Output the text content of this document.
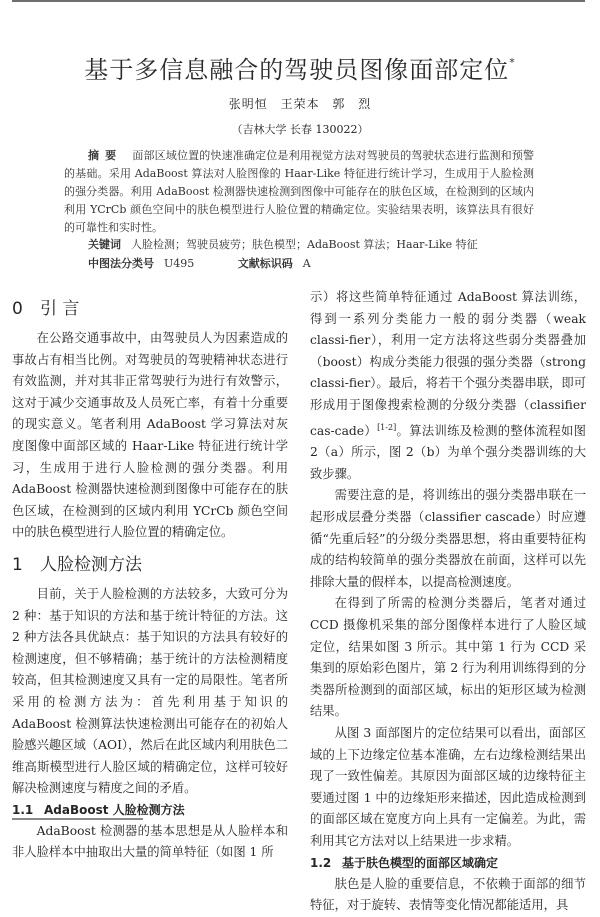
基于多信息融合的驾驶员图像面部定位*
张明恒 王荣本 郭 烈
（吉林大学 长春 130022）
摘要 面部区域位置的快速准确定位是利用视觉方法对驾驶员的驾驶状态进行监测和预警的基础。采用 AdaBoost 算法对人脸图像的 Haar-Like 特征进行统计学习，生成用于人脸检测的强分类器。利用 AdaBoost 检测器快速检测到图像中可能存在的肤色区域，在检测到的区域内利用 YCrCb 颜色空间中的肤色模型进行人脸位置的精确定位。实验结果表明，该算法具有很好的可靠性和实时性。
关键词 人脸检测；驾驶员疲劳；肤色模型；AdaBoost 算法；Haar-Like 特征
中图法分类号 U495	文献标识码 A
0 引 言

在公路交通事故中，由驾驶员人为因素造成的事故占有相当比例。对驾驶员的驾驶精神状态进行有效监测，并对其非正常驾驶行为进行有效警示，这对于减少交通事故及人员死亡率，有着十分重要的现实意义。笔者利用 AdaBoost 学习算法对灰度图像中面部区域的 Haar-Like 特征进行统计学习，生成用于进行人脸检测的强分类器。利用 AdaBoost 检测器快速检测到图像中可能存在的肤色区域，在检测到的区域内利用 YCrCb 颜色空间中的肤色模型进行人脸位置的精确定位。

1 人脸检测方法

目前，关于人脸检测的方法较多，大致可分为 2 种：基于知识的方法和基于统计特征的方法。这 2 种方法各具优缺点：基于知识的方法具有较好的检测速度，但不够精确；基于统计的方法检测精度较高，但其检测速度又具有一定的局限性。笔者所采用的检测方法为：首先利用基于知识的 AdaBoost 检测算法快速检测出可能存在的初始人脸感兴趣区域（AOI），然后在此区域内利用肤色二维高斯模型进行人脸区域的精确定位，这样可较好解决检测速度与精度之间的矛盾。

1.1 AdaBoost 人脸检测方法

AdaBoost 检测器的基本思想是从人脸样本和非人脸样本中抽取出大量的简单特征（如图 1 所

示）将这些简单特征通过 AdaBoost 算法训练，得到一系列分类能力一般的弱分类器（weak classi-fier），利用一定方法将这些弱分类器叠加（boost）构成分类能力很强的强分类器（strong classi-fier）。最后，将若干个强分类器串联，即可形成用于图像搜索检测的分级分类器（classifier cas-cade）[1-2]。算法训练及检测的整体流程如图 2（a）所示，图 2（b）为单个强分类器训练的大致步骤。

需要注意的是，将训练出的强分类器串联在一起形成层叠分类器（classifier cascade）时应遵循“先重后轻”的分级分类器思想，将由重要特征构成的结构较简单的强分类器放在前面，这样可以先排除大量的假样本，以提高检测速度。

在得到了所需的检测分类器后，笔者对通过 CCD 摄像机采集的部分图像样本进行了人脸区域定位，结果如图 3 所示。其中第 1 行为 CCD 采集到的原始彩色图片，第 2 行为利用训练得到的分类器所检测到的面部区域，标出的矩形区域为检测结果。

从图 3 面部图片的定位结果可以看出，面部区域的上下边缘定位基本准确，左右边缘检测结果出现了一致性偏差。其原因为面部区域的边缘特征主要通过图 1 中的边缘矩形来描述，因此造成检测到的面部区域在宽度方向上具有一定偏差。为此，需利用其它方法对以上结果进一步求精。

1.2 基于肤色模型的面部区域确定

肤色是人脸的重要信息，不依赖于面部的细节特征，对于旋转、表情等变化情况都能适用，具
